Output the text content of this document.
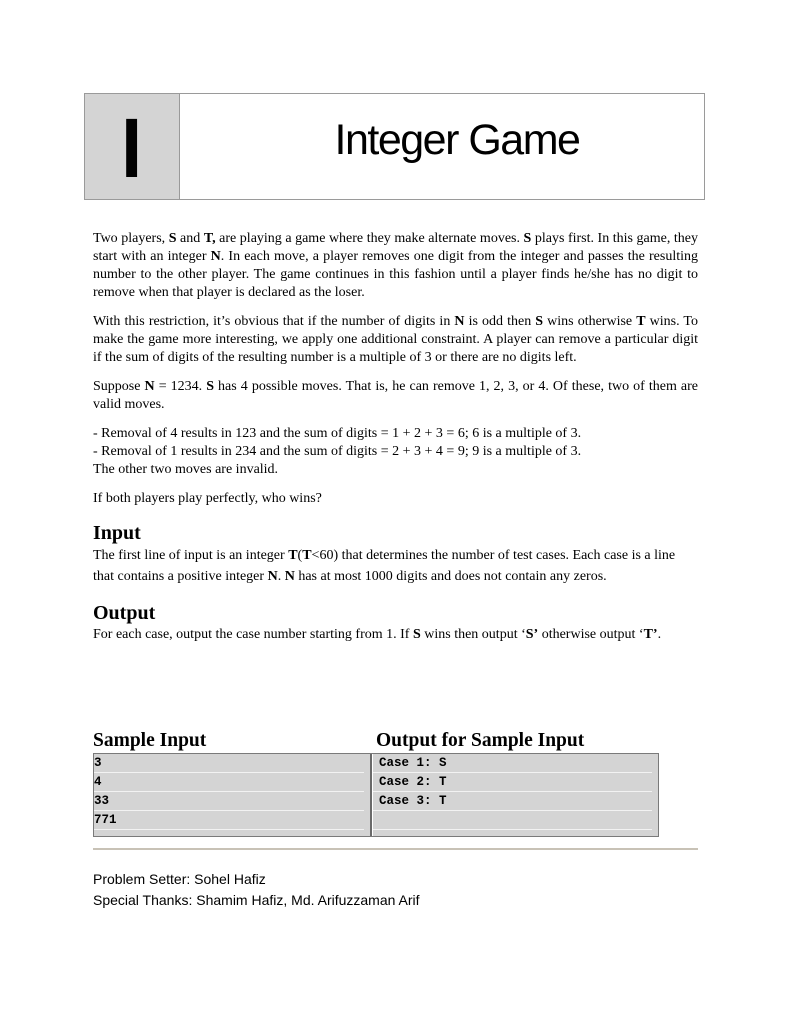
I	Integer Game

Two players, S and T, are playing a game where they make alternate moves. S plays first. In this game, they start with an integer N. In each move, a player removes one digit from the integer and passes the resulting number to the other player. The game continues in this fashion until a player finds he/she has no digit to remove when that player is declared as the loser.

With this restriction, it’s obvious that if the number of digits in N is odd then S wins otherwise T wins. To make the game more interesting, we apply one additional constraint. A player can remove a particular digit if the sum of digits of the resulting number is a multiple of 3 or there are no digits left.

Suppose N = 1234. S has 4 possible moves. That is, he can remove 1, 2, 3, or 4. Of these, two of them are valid moves.

- Removal of 4 results in 123 and the sum of digits = 1 + 2 + 3 = 6; 6 is a multiple of 3.

- Removal of 1 results in 234 and the sum of digits = 2 + 3 + 4 = 9; 9 is a multiple of 3.

The other two moves are invalid.

If both players play perfectly, who wins?

Input

The first line of input is an integer T(T<60) that determines the number of test cases. Each case is a line that contains a positive integer N. N has at most 1000 digits and does not contain any zeros.

Output

For each case, output the case number starting from 1. If S wins then output ‘S’ otherwise output ‘T’.

Sample Input	Output for Sample Input
3
4
33
771
Case 1: S
Case 2: T
Case 3: T
Problem Setter: Sohel Hafiz
Special Thanks: Shamim Hafiz, Md. Arifuzzaman Arif
